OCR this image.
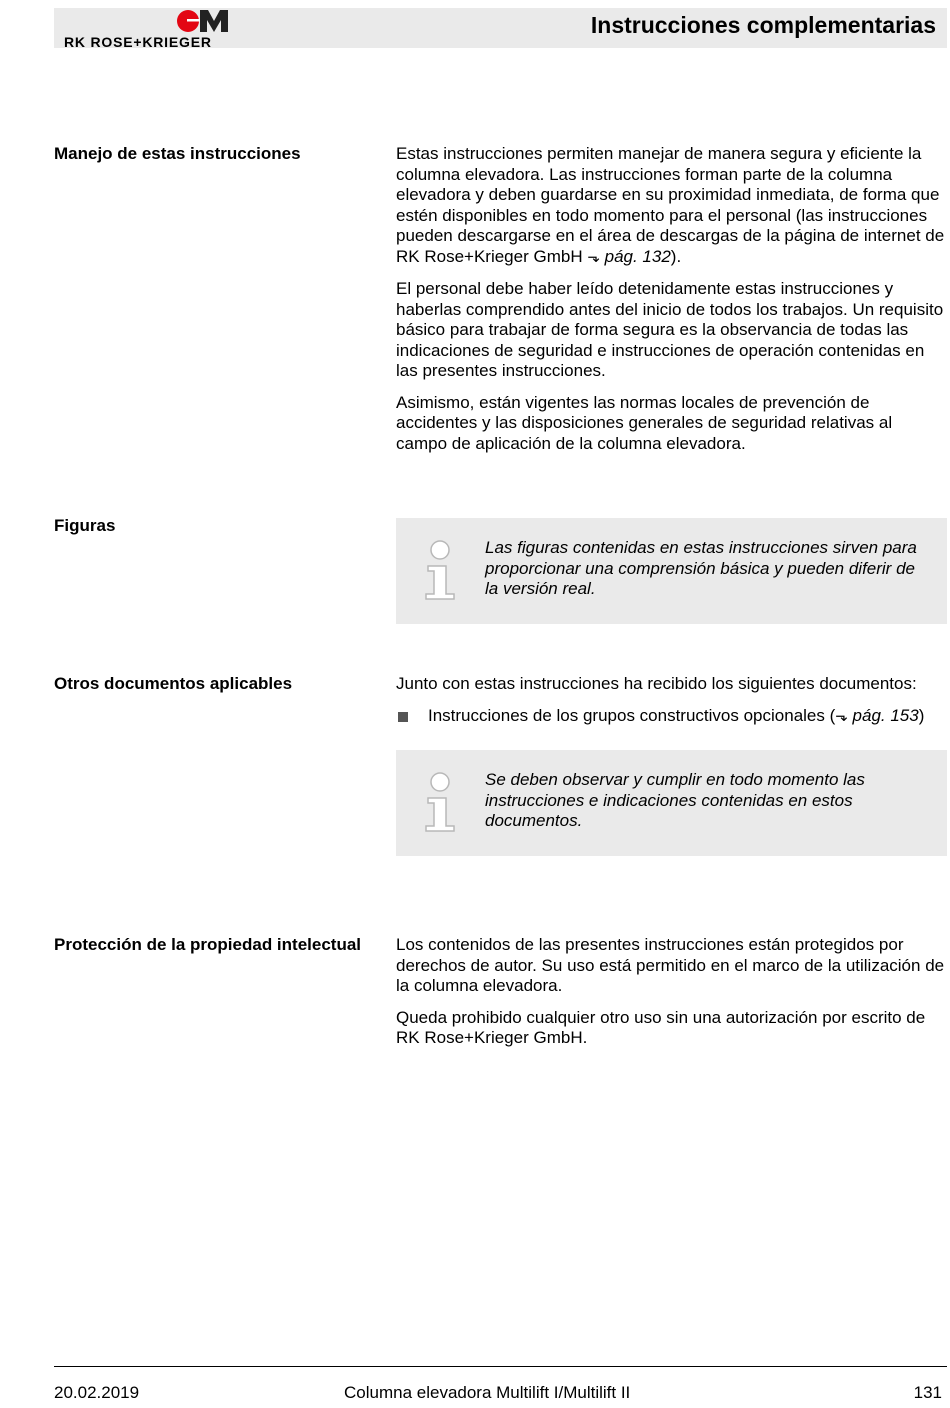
RK ROSE+KRIEGER
Instrucciones complementarias
Manejo de estas instrucciones	Estas instrucciones permiten manejar de manera segura y eficiente la columna elevadora. Las instrucciones forman parte de la columna elevadora y deben guardarse en su proximidad inmediata, de forma que estén disponibles en todo momento para el personal (las instrucciones pueden descargarse en el área de descargas de la página de internet de RK Rose+Krieger GmbH ⬎ pág. 132).

El personal debe haber leído detenidamente estas instrucciones y haberlas comprendido antes del inicio de todos los trabajos. Un requisito básico para trabajar de forma segura es la observancia de todas las indicaciones de seguridad e instrucciones de operación contenidas en las presentes instrucciones.

Asimismo, están vigentes las normas locales de prevención de accidentes y las disposiciones generales de seguridad relativas al campo de aplicación de la columna elevadora.

Figuras
Las figuras contenidas en estas instrucciones sirven para proporcionar una comprensión básica y pueden diferir de la versión real.
Otros documentos aplicables	Junto con estas instrucciones ha recibido los siguientes documentos:

Instrucciones de los grupos constructivos opcionales (⬎ pág. 153)
Se deben observar y cumplir en todo momento las instrucciones e indicaciones contenidas en estos documentos.
Protección de la propiedad intelectual	Los contenidos de las presentes instrucciones están protegidos por derechos de autor. Su uso está permitido en el marco de la utilización de la columna elevadora.

Queda prohibido cualquier otro uso sin una autorización por escrito de RK Rose+Krieger GmbH.

20.02.2019	Columna elevadora Multilift I/Multilift II	131
